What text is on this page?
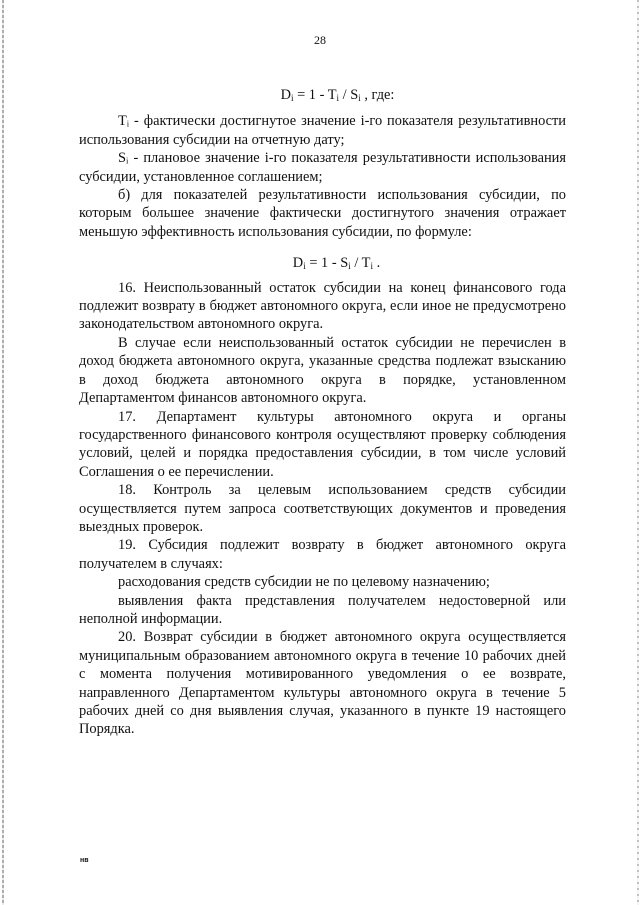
28

$D_i = 1 - T_i / S_i$ , где:

Tᵢ - фактически достигнутое значение i-го показателя результативности использования субсидии на отчетную дату;

Sᵢ - плановое значение i-го показателя результативности использования субсидии, установленное соглашением;

б) для показателей результативности использования субсидии, по которым большее значение фактически достигнутого значения отражает меньшую эффективность использования субсидии, по формуле:

$D_i = 1 - S_i / T_i$ .

16. Неиспользованный остаток субсидии на конец финансового года подлежит возврату в бюджет автономного округа, если иное не предусмотрено законодательством автономного округа.

В случае если неиспользованный остаток субсидии не перечислен в доход бюджета автономного округа, указанные средства подлежат взысканию в доход бюджета автономного округа в порядке, установленном Департаментом финансов автономного округа.

17. Департамент культуры автономного округа и органы государственного финансового контроля осуществляют проверку соблюдения условий, целей и порядка предоставления субсидии, в том числе условий Соглашения о ее перечислении.

18. Контроль за целевым использованием средств субсидии осуществляется путем запроса соответствующих документов и проведения выездных проверок.

19. Субсидия подлежит возврату в бюджет автономного округа получателем в случаях:

расходования средств субсидии не по целевому назначению;

выявления факта представления получателем недостоверной или неполной информации.

20. Возврат субсидии в бюджет автономного округа осуществляется муниципальным образованием автономного округа в течение 10 рабочих дней с момента получения мотивированного уведомления о ее возврате, направленного Департаментом культуры автономного округа в течение 5 рабочих дней со дня выявления случая, указанного в пункте 19 настоящего Порядка.

нв
